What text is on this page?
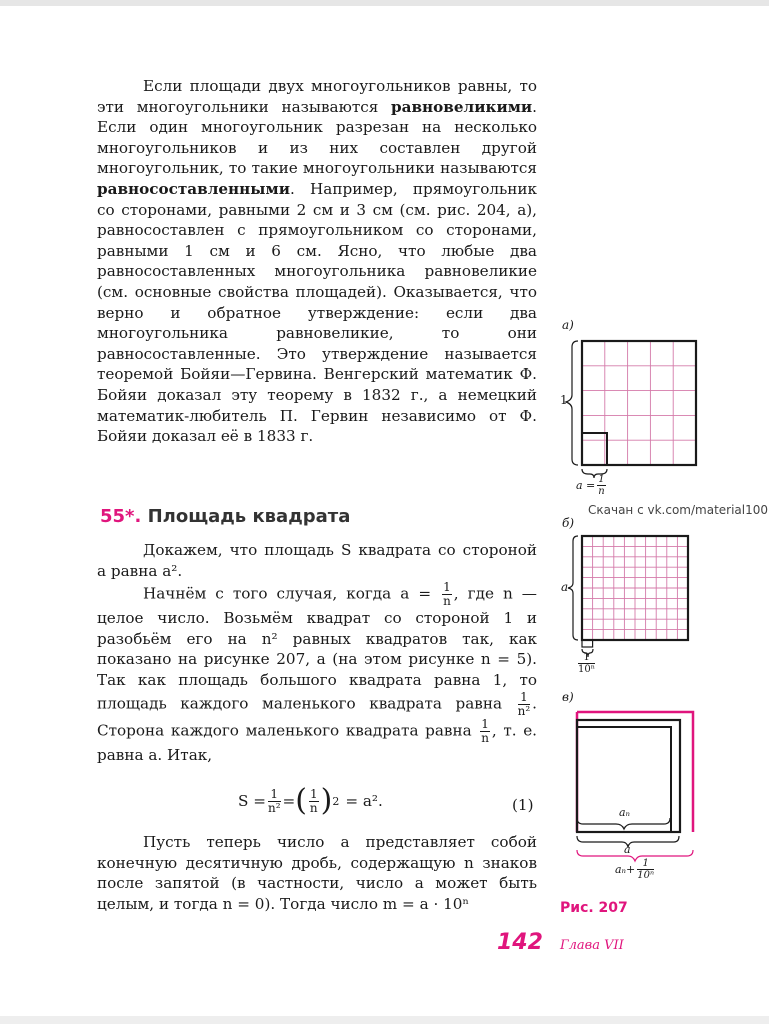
Если площади двух многоугольников равны, то эти многоугольники называются равновеликими. Если один многоугольник разрезан на несколько многоугольников и из них составлен другой многоугольник, то такие многоугольники называются равносоставленными. Например, прямоугольник со сторонами, равными 2 см и 3 см (см. рис. 204, а), равносоставлен с прямоугольником со сторонами, равными 1 см и 6 см. Ясно, что любые два равносоставленных многоугольника равновеликие (см. основные свойства площадей). Оказывается, что верно и обратное утверждение: если два многоугольника равновеликие, то они равносоставленные. Это утверждение называется теоремой Бойяи—Гервина. Венгерский математик Ф. Бойяи доказал эту теорему в 1832 г., а немецкий математик-любитель П. Гервин независимо от Ф. Бойяи доказал её в 1833 г.

55*. Площадь квадрата

Докажем, что площадь S квадрата со стороной a равна a².

Начнём с того случая, когда $a = \frac{1}{n}$ , где n — целое число. Возьмём квадрат со стороной 1 и разобьём его на n² равных квадратов так, как показано на рисунке 207, а (на этом рисунке n = 5). Так как площадь большого квадрата равна 1, то площадь каждого маленького квадрата равна $\frac{1}{\text{n²}}$ . Сторона каждого маленького квадрата равна $\frac{1}{n}$ , т. е. равна a. Итак,

$S = \frac{1}{\text{n²}}$ = ( $\frac{1}{n}$ ) 2 = a².	(1)

Пусть теперь число a представляет собой конечную десятичную дробь, содержащую n знаков после запятой (в частности, число a может быть целым, и тогда n = 0). Тогда число m = a · 10ⁿ

а)
б)
в)
1
$a = \frac{1}{n}$
a
$\frac{1}{\text{10ⁿ}}$
aₙ
a
$a_n+ \frac{1}{\text{10ⁿ}}$
Скачан с vk.com/material100
Рис. 207
142 Глава VII
